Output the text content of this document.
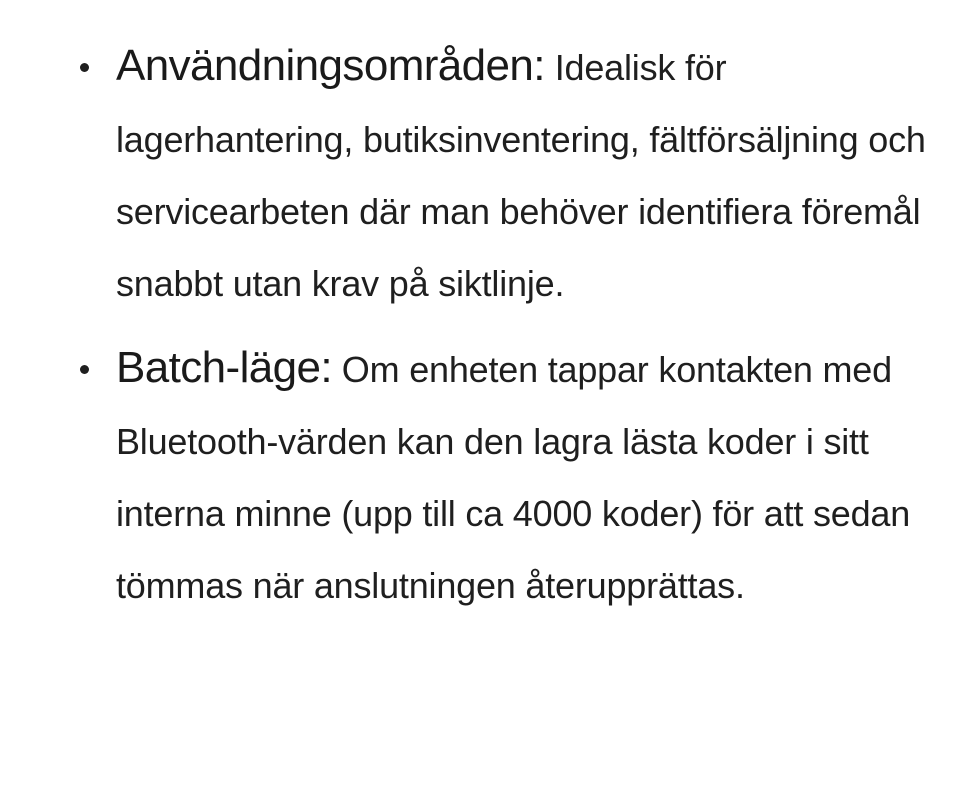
Användningsområden: Idealisk för lagerhantering, butiksinventering, fältförsäljning och servicearbeten där man behöver identifiera föremål snabbt utan krav på siktlinje.

Batch-läge: Om enheten tappar kontakten med Bluetooth-värden kan den lagra lästa koder i sitt interna minne (upp till ca 4000 koder) för att sedan tömmas när anslutningen återupprättas.
